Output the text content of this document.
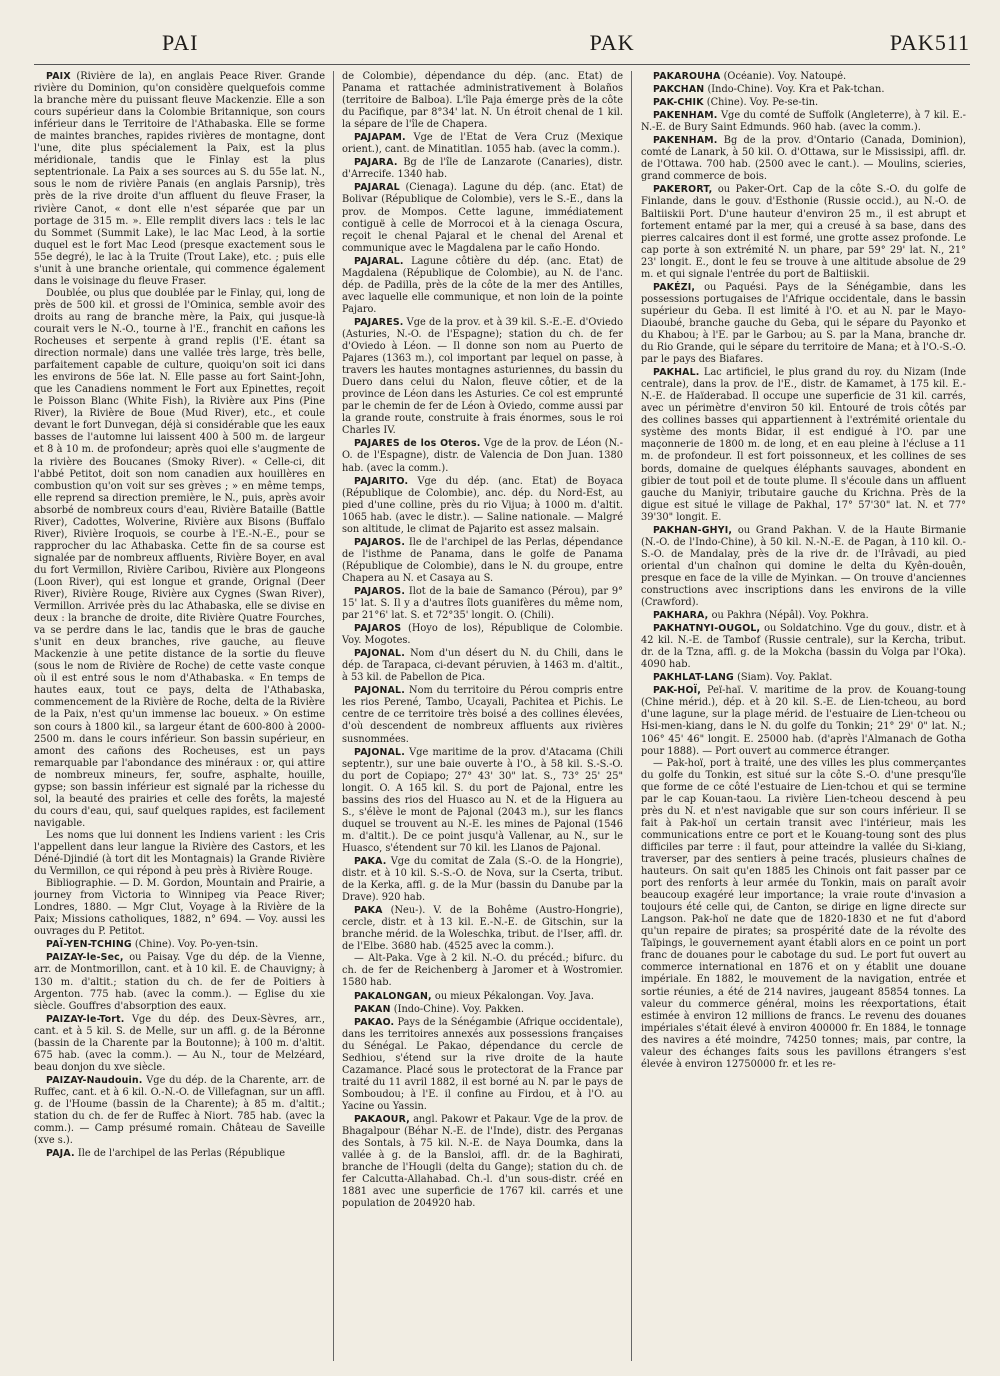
PAI	PAK	PAK 511

PAIX (Rivière de la), en anglais Peace River. Grande rivière du Dominion, qu'on considère quelquefois comme la branche mère du puissant fleuve Mackenzie. Elle a son cours supérieur dans la Colombie Britannique, son cours inférieur dans le Territoire de l'Athabaska. Elle se forme de maintes branches, rapides rivières de montagne, dont l'une, dite plus spécialement la Paix, est la plus méridionale, tandis que le Finlay est la plus septentrionale. La Paix a ses sources au S. du 55e lat. N., sous le nom de rivière Panais (en anglais Parsnip), très près de la rive droite d'un affluent du fleuve Fraser, la rivière Canot, « dont elle n'est séparée que par un portage de 315 m. ». Elle remplit divers lacs : tels le lac du Sommet (Summit Lake), le lac Mac Leod, à la sortie duquel est le fort Mac Leod (presque exactement sous le 55e degré), le lac à la Truite (Trout Lake), etc. ; puis elle s'unit à une branche orientale, qui commence également dans le voisinage du fleuve Fraser.

Doublée, ou plus que doublée par le Finlay, qui, long de près de 500 kil. et grossi de l'Ominica, semble avoir des droits au rang de branche mère, la Paix, qui jusque-là courait vers le N.-O., tourne à l'E., franchit en cañons les Rocheuses et serpente à grand replis (l'E. étant sa direction normale) dans une vallée très large, très belle, parfaitement capable de culture, quoiqu'on soit ici dans les environs de 56e lat. N. Elle passe au fort Saint-John, que les Canadiens nomment le Fort aux Epinettes, reçoit le Poisson Blanc (White Fish), la Rivière aux Pins (Pine River), la Rivière de Boue (Mud River), etc., et coule devant le fort Dunvegan, déjà si considérable que les eaux basses de l'automne lui laissent 400 à 500 m. de largeur et 8 à 10 m. de profondeur; après quoi elle s'augmente de la rivière des Boucanes (Smoky River). « Celle-ci, dit l'abbé Petitot, doit son nom canadien aux houillères en combustion qu'on voit sur ses grèves ; » en même temps, elle reprend sa direction première, le N., puis, après avoir absorbé de nombreux cours d'eau, Rivière Bataille (Battle River), Cadottes, Wolverine, Rivière aux Bisons (Buffalo River), Rivière Iroquois, se courbe à l'E.-N.-E., pour se rapprocher du lac Athabaska. Cette fin de sa course est signalée par de nombreux affluents, Rivière Boyer, en aval du fort Vermillon, Rivière Caribou, Rivière aux Plongeons (Loon River), qui est longue et grande, Orignal (Deer River), Rivière Rouge, Rivière aux Cygnes (Swan River), Vermillon. Arrivée près du lac Athabaska, elle se divise en deux : la branche de droite, dite Rivière Quatre Fourches, va se perdre dans le lac, tandis que le bras de gauche s'unit en deux branches, rive gauche, au fleuve Mackenzie à une petite distance de la sortie du fleuve (sous le nom de Rivière de Roche) de cette vaste conque où il est entré sous le nom d'Athabaska. « En temps de hautes eaux, tout ce pays, delta de l'Athabaska, commencement de la Rivière de Roche, delta de la Rivière de la Paix, n'est qu'un immense lac boueux. » On estime son cours à 1800 kil., sa largeur étant de 600-800 à 2000-2500 m. dans le cours inférieur. Son bassin supérieur, en amont des cañons des Rocheuses, est un pays remarquable par l'abondance des minéraux : or, qui attire de nombreux mineurs, fer, soufre, asphalte, houille, gypse; son bassin inférieur est signalé par la richesse du sol, la beauté des prairies et celle des forêts, la majesté du cours d'eau, qui, sauf quelques rapides, est facilement navigable.

Les noms que lui donnent les Indiens varient : les Cris l'appellent dans leur langue la Rivière des Castors, et les Déné-Djindié (à tort dit les Montagnais) la Grande Rivière du Vermillon, ce qui répond à peu près à Rivière Rouge.

Bibliographie. — D. M. Gordon, Mountain and Prairie, a journey from Victoria to Winnipeg via Peace River; Londres, 1880. — Mgr Clut, Voyage à la Rivière de la Paix; Missions catholiques, 1882, n° 694. — Voy. aussi les ouvrages du P. Petitot.

PAÏ-YEN-TCHING (Chine). Voy. Po-yen-tsin.

PAIZAY-le-Sec, ou Paisay. Vge du dép. de la Vienne, arr. de Montmorillon, cant. et à 10 kil. E. de Chauvigny; à 130 m. d'altit.; station du ch. de fer de Poitiers à Argenton. 775 hab. (avec la comm.). — Eglise du xie siècle. Gouffres d'absorption des eaux.

PAIZAY-le-Tort. Vge du dép. des Deux-Sèvres, arr., cant. et à 5 kil. S. de Melle, sur un affl. g. de la Béronne (bassin de la Charente par la Boutonne); à 100 m. d'altit. 675 hab. (avec la comm.). — Au N., tour de Melzéard, beau donjon du xve siècle.

PAIZAY-Naudouin. Vge du dép. de la Charente, arr. de Ruffec, cant. et à 6 kil. O.-N.-O. de Villefagnan, sur un affl. g. de l'Houme (bassin de la Charente); à 85 m. d'altit.; station du ch. de fer de Ruffec à Niort. 785 hab. (avec la comm.). — Camp présumé romain. Château de Saveille (xve s.).

PAJA. Ile de l'archipel de las Perlas (République

de Colombie), dépendance du dép. (anc. Etat) de Panama et rattachée administrativement à Bolaños (territoire de Balboa). L'île Paja émerge près de la côte du Pacifique, par 8°34' lat. N. Un étroit chenal de 1 kil. la sépare de l'île de Chapera.

PAJAPAM. Vge de l'Etat de Vera Cruz (Mexique orient.), cant. de Minatitlan. 1055 hab. (avec la comm.).

PAJARA. Bg de l'île de Lanzarote (Canaries), distr. d'Arrecife. 1340 hab.

PAJARAL (Cienaga). Lagune du dép. (anc. Etat) de Bolivar (République de Colombie), vers le S.-E., dans la prov. de Mompos. Cette lagune, immédiatement contiguë à celle de Morrocoi et à la cienaga Oscura, reçoit le chenal Pajaral et le chenal del Arenal et communique avec le Magdalena par le caño Hondo.

PAJARAL. Lagune côtière du dép. (anc. Etat) de Magdalena (République de Colombie), au N. de l'anc. dép. de Padilla, près de la côte de la mer des Antilles, avec laquelle elle communique, et non loin de la pointe Pajaro.

PAJARES. Vge de la prov. et à 39 kil. S.-E.-E. d'Oviedo (Asturies, N.-O. de l'Espagne); station du ch. de fer d'Oviedo à Léon. — Il donne son nom au Puerto de Pajares (1363 m.), col important par lequel on passe, à travers les hautes montagnes asturiennes, du bassin du Duero dans celui du Nalon, fleuve côtier, et de la province de Léon dans les Asturies. Ce col est emprunté par le chemin de fer de Léon à Oviedo, comme aussi par la grande route, construite à frais énormes, sous le roi Charles IV.

PAJARES de los Oteros. Vge de la prov. de Léon (N.-O. de l'Espagne), distr. de Valencia de Don Juan. 1380 hab. (avec la comm.).

PAJARITO. Vge du dép. (anc. Etat) de Boyaca (République de Colombie), anc. dép. du Nord-Est, au pied d'une colline, près du rio Vijua; à 1000 m. d'altit. 1065 hab. (avec le distr.). — Saline nationale. — Malgré son altitude, le climat de Pajarito est assez malsain.

PAJAROS. Ile de l'archipel de las Perlas, dépendance de l'isthme de Panama, dans le golfe de Panama (République de Colombie), dans le N. du groupe, entre Chapera au N. et Casaya au S.

PAJAROS. Ilot de la baie de Samanco (Pérou), par 9° 15' lat. S. Il y a d'autres îlots guanifères du même nom, par 21°6' lat. S. et 72°35' longit. O. (Chili).

PAJAROS (Hoyo de los), République de Colombie. Voy. Mogotes.

PAJONAL. Nom d'un désert du N. du Chili, dans le dép. de Tarapaca, ci-devant péruvien, à 1463 m. d'altit., à 53 kil. de Pabellon de Pica.

PAJONAL. Nom du territoire du Pérou compris entre les rios Perené, Tambo, Ucayali, Pachitea et Pichis. Le centre de ce territoire très boisé a des collines élevées, d'où descendent de nombreux affluents aux rivières susnommées.

PAJONAL. Vge maritime de la prov. d'Atacama (Chili septentr.), sur une baie ouverte à l'O., à 58 kil. S.-S.-O. du port de Copiapo; 27° 43' 30" lat. S., 73° 25' 25" longit. O. A 165 kil. S. du port de Pajonal, entre les bassins des rios del Huasco au N. et de la Higuera au S., s'élève le mont de Pajonal (2043 m.), sur les flancs duquel se trouvent au N.-E. les mines de Pajonal (1546 m. d'altit.). De ce point jusqu'à Vallenar, au N., sur le Huasco, s'étendent sur 70 kil. les Llanos de Pajonal.

PAKA. Vge du comitat de Zala (S.-O. de la Hongrie), distr. et à 10 kil. S.-S.-O. de Nova, sur la Cserta, tribut. de la Kerka, affl. g. de la Mur (bassin du Danube par la Drave). 920 hab.

PAKA (Neu-). V. de la Bohême (Austro-Hongrie), cercle, distr. et à 13 kil. E.-N.-E. de Gitschin, sur la branche mérid. de la Woleschka, tribut. de l'Iser, affl. dr. de l'Elbe. 3680 hab. (4525 avec la comm.).

— Alt-Paka. Vge à 2 kil. N.-O. du précéd.; bifurc. du ch. de fer de Reichenberg à Jaromer et à Wostromier. 1580 hab.

PAKALONGAN, ou mieux Pékalongan. Voy. Java.

PAKAN (Indo-Chine). Voy. Pakken.

PAKAO. Pays de la Sénégambie (Afrique occidentale), dans les territoires annexés aux possessions françaises du Sénégal. Le Pakao, dépendance du cercle de Sedhiou, s'étend sur la rive droite de la haute Cazamance. Placé sous le protectorat de la France par traité du 11 avril 1882, il est borné au N. par le pays de Somboudou; à l'E. il confine au Firdou, et à l'O. au Yacine ou Yassin.

PAKAOUR, angl. Pakowr et Pakaur. Vge de la prov. de Bhagalpour (Béhar N.-E. de l'Inde), distr. des Perganas des Sontals, à 75 kil. N.-E. de Naya Doumka, dans la vallée à g. de la Bansloi, affl. dr. de la Baghirati, branche de l'Hougli (delta du Gange); station du ch. de fer Calcutta-Allahabad. Ch.-l. d'un sous-distr. créé en 1881 avec une superficie de 1767 kil. carrés et une population de 204920 hab.

PAKAROUHA (Océanie). Voy. Natoupé.

PAKCHAN (Indo-Chine). Voy. Kra et Pak-tchan.

PAK-CHIK (Chine). Voy. Pe-se-tin.

PAKENHAM. Vge du comté de Suffolk (Angleterre), à 7 kil. E.-N.-E. de Bury Saint Edmunds. 960 hab. (avec la comm.).

PAKENHAM. Bg de la prov. d'Ontario (Canada, Dominion), comté de Lanark, à 50 kil. O. d'Ottawa, sur le Mississipi, affl. dr. de l'Ottawa. 700 hab. (2500 avec le cant.). — Moulins, scieries, grand commerce de bois.

PAKERORT, ou Paker-Ort. Cap de la côte S.-O. du golfe de Finlande, dans le gouv. d'Esthonie (Russie occid.), au N.-O. de Baltiiskii Port. D'une hauteur d'environ 25 m., il est abrupt et fortement entamé par la mer, qui a creusé à sa base, dans des pierres calcaires dont il est formé, une grotte assez profonde. Le cap porte à son extrémité N. un phare, par 59° 29' lat. N., 21° 23' longit. E., dont le feu se trouve à une altitude absolue de 29 m. et qui signale l'entrée du port de Baltiiskii.

PAKÉZI, ou Paquési. Pays de la Sénégambie, dans les possessions portugaises de l'Afrique occidentale, dans le bassin supérieur du Geba. Il est limité à l'O. et au N. par le Mayo-Diaoubé, branche gauche du Geba, qui le sépare du Payonko et du Khabou; à l'E. par le Garbou; au S. par la Mana, branche dr. du Rio Grande, qui le sépare du territoire de Mana; et à l'O.-S.-O. par le pays des Biafares.

PAKHAL. Lac artificiel, le plus grand du roy. du Nizam (Inde centrale), dans la prov. de l'E., distr. de Kamamet, à 175 kil. E.-N.-E. de Haïderabad. Il occupe une superficie de 31 kil. carrés, avec un périmètre d'environ 50 kil. Entouré de trois côtés par des collines basses qui appartiennent à l'extrémité orientale du système des monts Bidar, il est endigué à l'O. par une maçonnerie de 1800 m. de long, et en eau pleine à l'écluse a 11 m. de profondeur. Il est fort poissonneux, et les collines de ses bords, domaine de quelques éléphants sauvages, abondent en gibier de tout poil et de toute plume. Il s'écoule dans un affluent gauche du Maniyir, tributaire gauche du Krichna. Près de la digue est situé le village de Pakhal, 17° 57'30" lat. N. et 77° 39'30" longit. E.

PAKHAN-GHYI, ou Grand Pakhan. V. de la Haute Birmanie (N.-O. de l'Indo-Chine), à 50 kil. N.-N.-E. de Pagan, à 110 kil. O.-S.-O. de Mandalay, près de la rive dr. de l'Irâvadi, au pied oriental d'un chaînon qui domine le delta du Kyên-douên, presque en face de la ville de Myinkan. — On trouve d'anciennes constructions avec inscriptions dans les environs de la ville (Crawford).

PAKHARA, ou Pakhra (Népâl). Voy. Pokhra.

PAKHATNYI-OUGOL, ou Soldatchino. Vge du gouv., distr. et à 42 kil. N.-E. de Tambof (Russie centrale), sur la Kercha, tribut. dr. de la Tzna, affl. g. de la Mokcha (bassin du Volga par l'Oka). 4090 hab.

PAKHLAT-LANG (Siam). Voy. Paklat.

PAK-HOÏ, Peï-haï. V. maritime de la prov. de Kouang-toung (Chine mérid.), dép. et à 20 kil. S.-E. de Lien-tcheou, au bord d'une lagune, sur la plage mérid. de l'estuaire de Lien-tcheou ou Hsi-men-kiang, dans le N. du golfe du Tonkin; 21° 29' 0" lat. N.; 106° 45' 46" longit. E. 25000 hab. (d'après l'Almanach de Gotha pour 1888). — Port ouvert au commerce étranger.

— Pak-hoï, port à traité, une des villes les plus commerçantes du golfe du Tonkin, est situé sur la côte S.-O. d'une presqu'île que forme de ce côté l'estuaire de Lien-tchou et qui se termine par le cap Kouan-taou. La rivière Lien-tcheou descend à peu près du N. et n'est navigable que sur son cours inférieur. Il se fait à Pak-hoï un certain transit avec l'intérieur, mais les communications entre ce port et le Kouang-toung sont des plus difficiles par terre : il faut, pour atteindre la vallée du Si-kiang, traverser, par des sentiers à peine tracés, plusieurs chaînes de hauteurs. On sait qu'en 1885 les Chinois ont fait passer par ce port des renforts à leur armée du Tonkin, mais on paraît avoir beaucoup exagéré leur importance; la vraie route d'invasion a toujours été celle qui, de Canton, se dirige en ligne directe sur Langson. Pak-hoï ne date que de 1820-1830 et ne fut d'abord qu'un repaire de pirates; sa prospérité date de la révolte des Taïpings, le gouvernement ayant établi alors en ce point un port franc de douanes pour le cabotage du sud. Le port fut ouvert au commerce international en 1876 et on y établit une douane impériale. En 1882, le mouvement de la navigation, entrée et sortie réunies, a été de 214 navires, jaugeant 85854 tonnes. La valeur du commerce général, moins les réexportations, était estimée à environ 12 millions de francs. Le revenu des douanes impériales s'était élevé à environ 400000 fr. En 1884, le tonnage des navires a été moindre, 74250 tonnes; mais, par contre, la valeur des échanges faits sous les pavillons étrangers s'est élevée à environ 12750000 fr. et les re-
